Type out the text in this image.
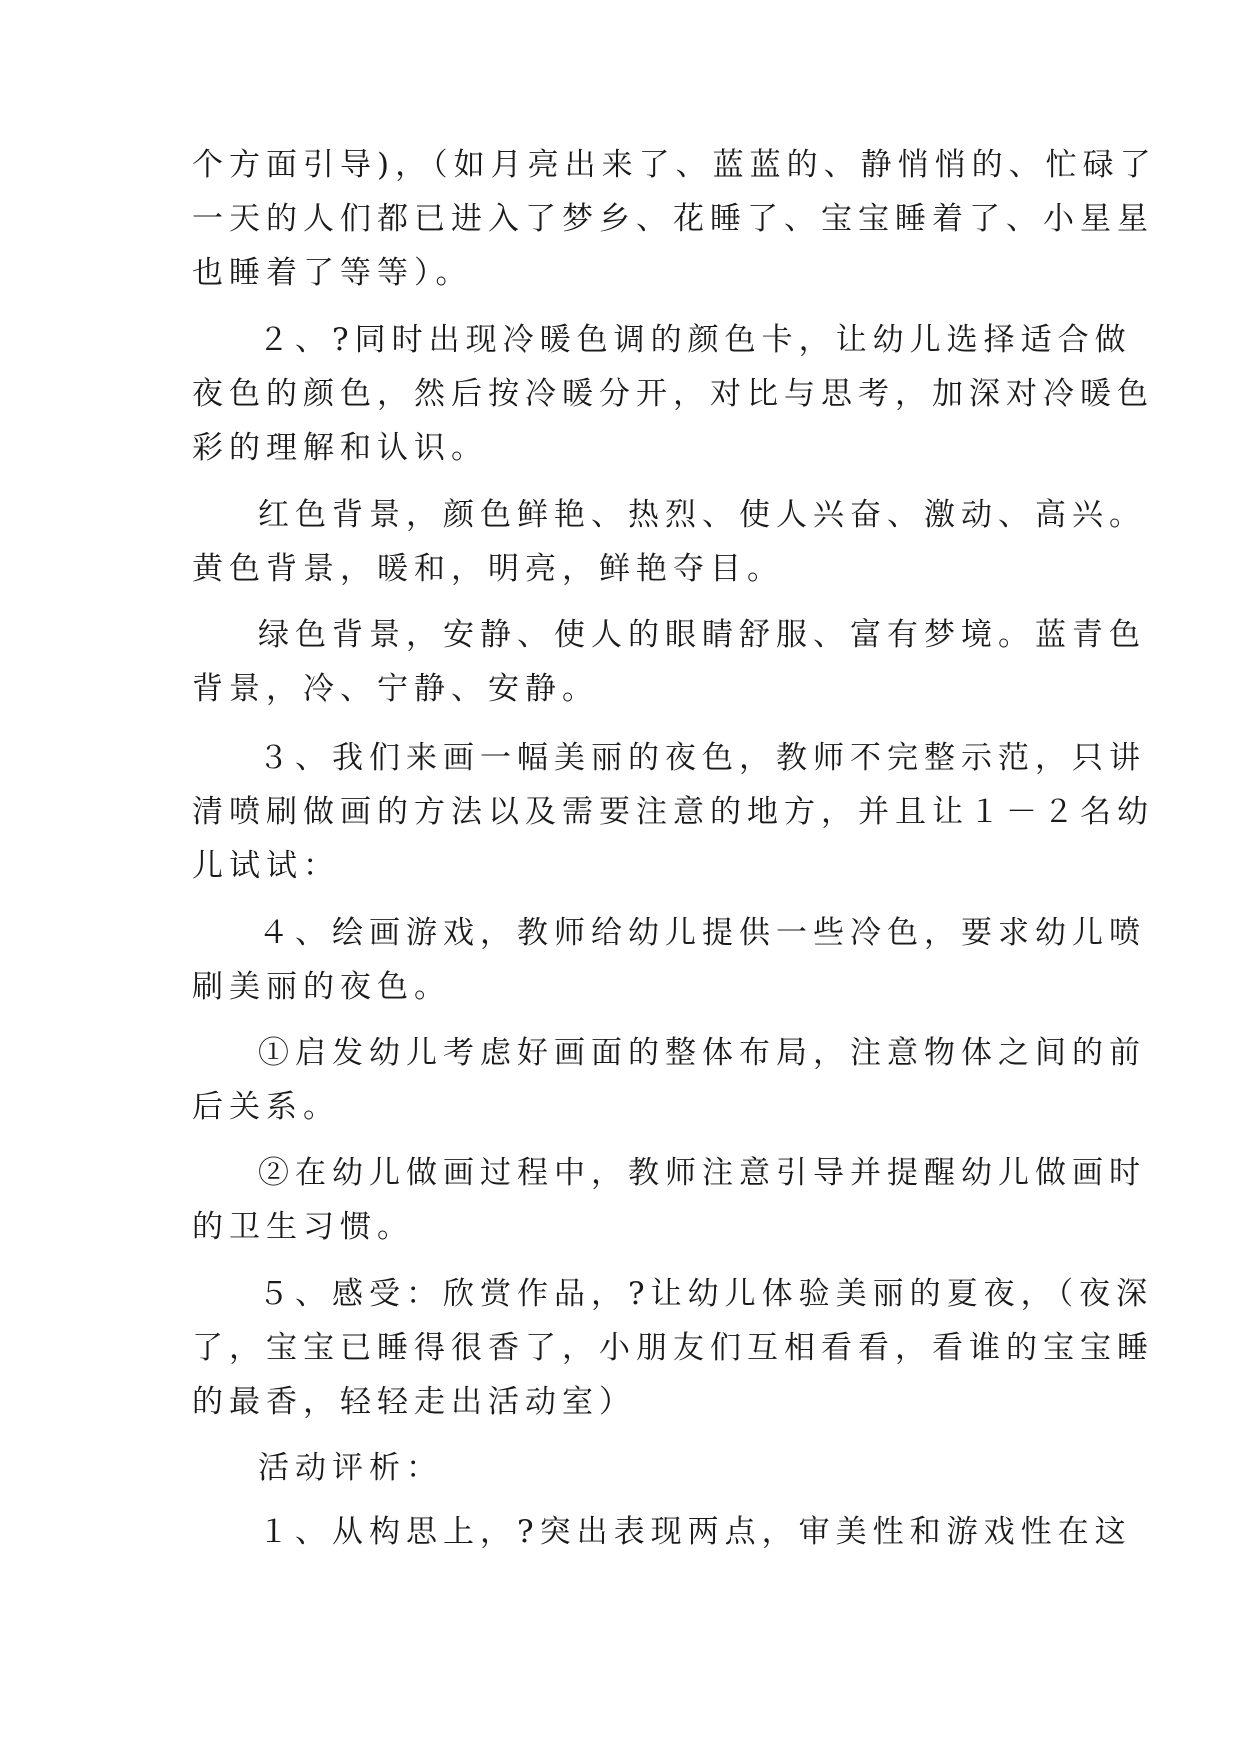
个方面引导)，（如月亮出来了、蓝蓝的、静悄悄的、忙碌了
一天的人们都已进入了梦乡、花睡了、宝宝睡着了、小星星
也睡着了等等）。
２、?同时出现冷暖色调的颜色卡，让幼儿选择适合做
夜色的颜色，然后按冷暖分开，对比与思考，加深对冷暖色
彩的理解和认识。
红色背景，颜色鲜艳、热烈、使人兴奋、激动、高兴。
黄色背景，暖和，明亮，鲜艳夺目。
绿色背景，安静、使人的眼睛舒服、富有梦境。蓝青色
背景，冷、宁静、安静。
３、我们来画一幅美丽的夜色，教师不完整示范，只讲
清喷刷做画的方法以及需要注意的地方，并且让１－２名幼
儿试试：
４、绘画游戏，教师给幼儿提供一些冷色，要求幼儿喷
刷美丽的夜色。
①启发幼儿考虑好画面的整体布局，注意物体之间的前
后关系。
②在幼儿做画过程中，教师注意引导并提醒幼儿做画时
的卫生习惯。
５、感受：欣赏作品，?让幼儿体验美丽的夏夜，（夜深
了，宝宝已睡得很香了，小朋友们互相看看，看谁的宝宝睡
的最香，轻轻走出活动室）
活动评析：
１、从构思上，?突出表现两点，审美性和游戏性在这
